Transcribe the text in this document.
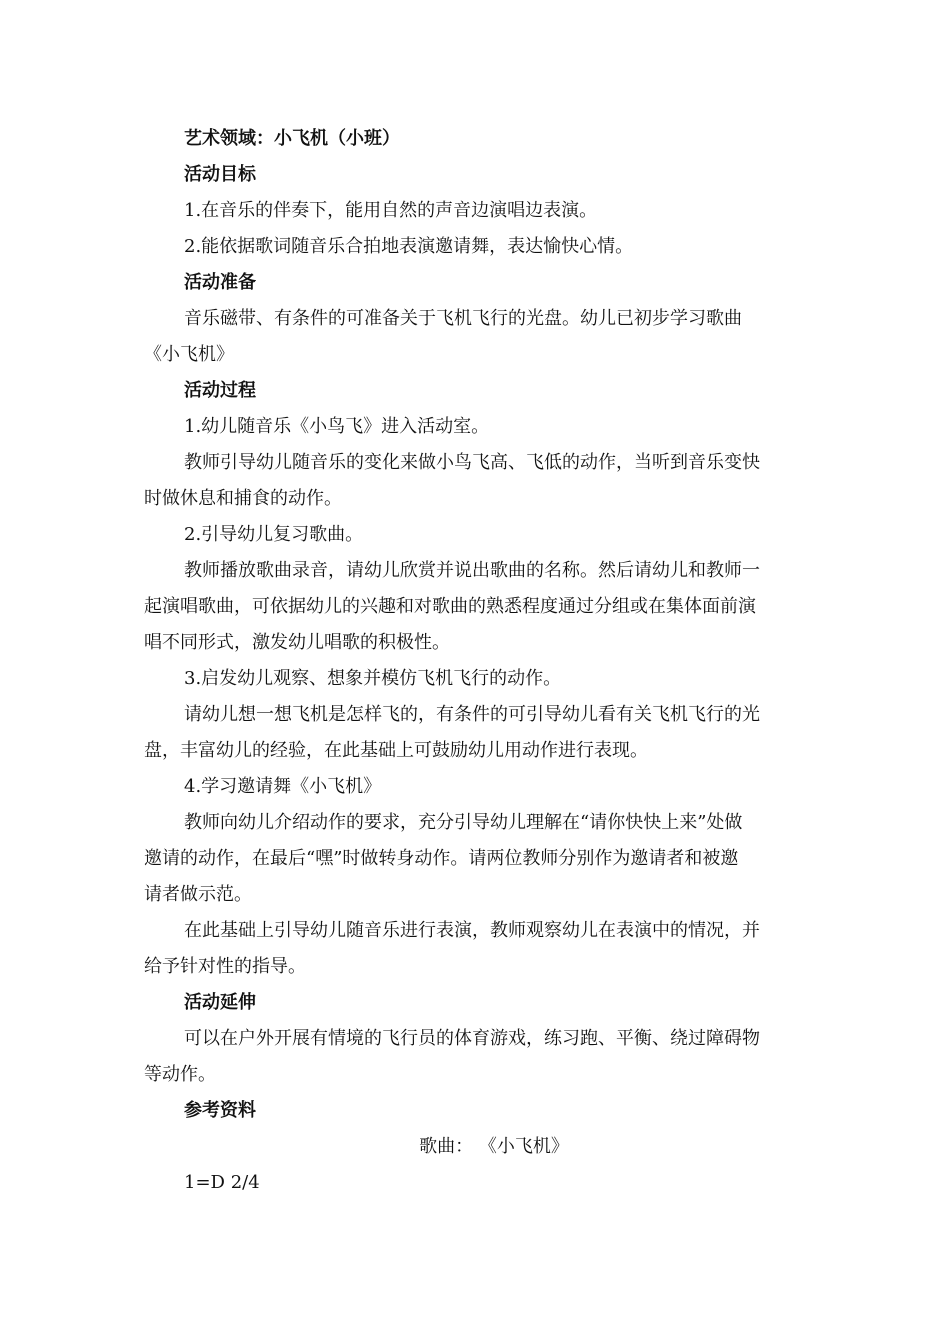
艺术领域：小飞机（小班）
活动目标
1.在音乐的伴奏下，能用自然的声音边演唱边表演。
2.能依据歌词随音乐合拍地表演邀请舞，表达愉快心情。
活动准备
音乐磁带、有条件的可准备关于飞机飞行的光盘。幼儿已初步学习歌曲
《小飞机》
活动过程
1.幼儿随音乐《小鸟飞》进入活动室。
教师引导幼儿随音乐的变化来做小鸟飞高、飞低的动作，当听到音乐变快
时做休息和捕食的动作。
2.引导幼儿复习歌曲。
教师播放歌曲录音，请幼儿欣赏并说出歌曲的名称。然后请幼儿和教师一
起演唱歌曲，可依据幼儿的兴趣和对歌曲的熟悉程度通过分组或在集体面前演
唱不同形式，激发幼儿唱歌的积极性。
3.启发幼儿观察、想象并模仿飞机飞行的动作。
请幼儿想一想飞机是怎样飞的，有条件的可引导幼儿看有关飞机飞行的光
盘，丰富幼儿的经验，在此基础上可鼓励幼儿用动作进行表现。
4.学习邀请舞《小飞机》
教师向幼儿介绍动作的要求，充分引导幼儿理解在“请你快快上来”处做
邀请的动作，在最后“嘿”时做转身动作。请两位教师分别作为邀请者和被邀
请者做示范。
在此基础上引导幼儿随音乐进行表演，教师观察幼儿在表演中的情况，并
给予针对性的指导。
活动延伸
可以在户外开展有情境的飞行员的体育游戏，练习跑、平衡、绕过障碍物
等动作。
参考资料
歌曲： 《小飞机》
1=D 2/4
